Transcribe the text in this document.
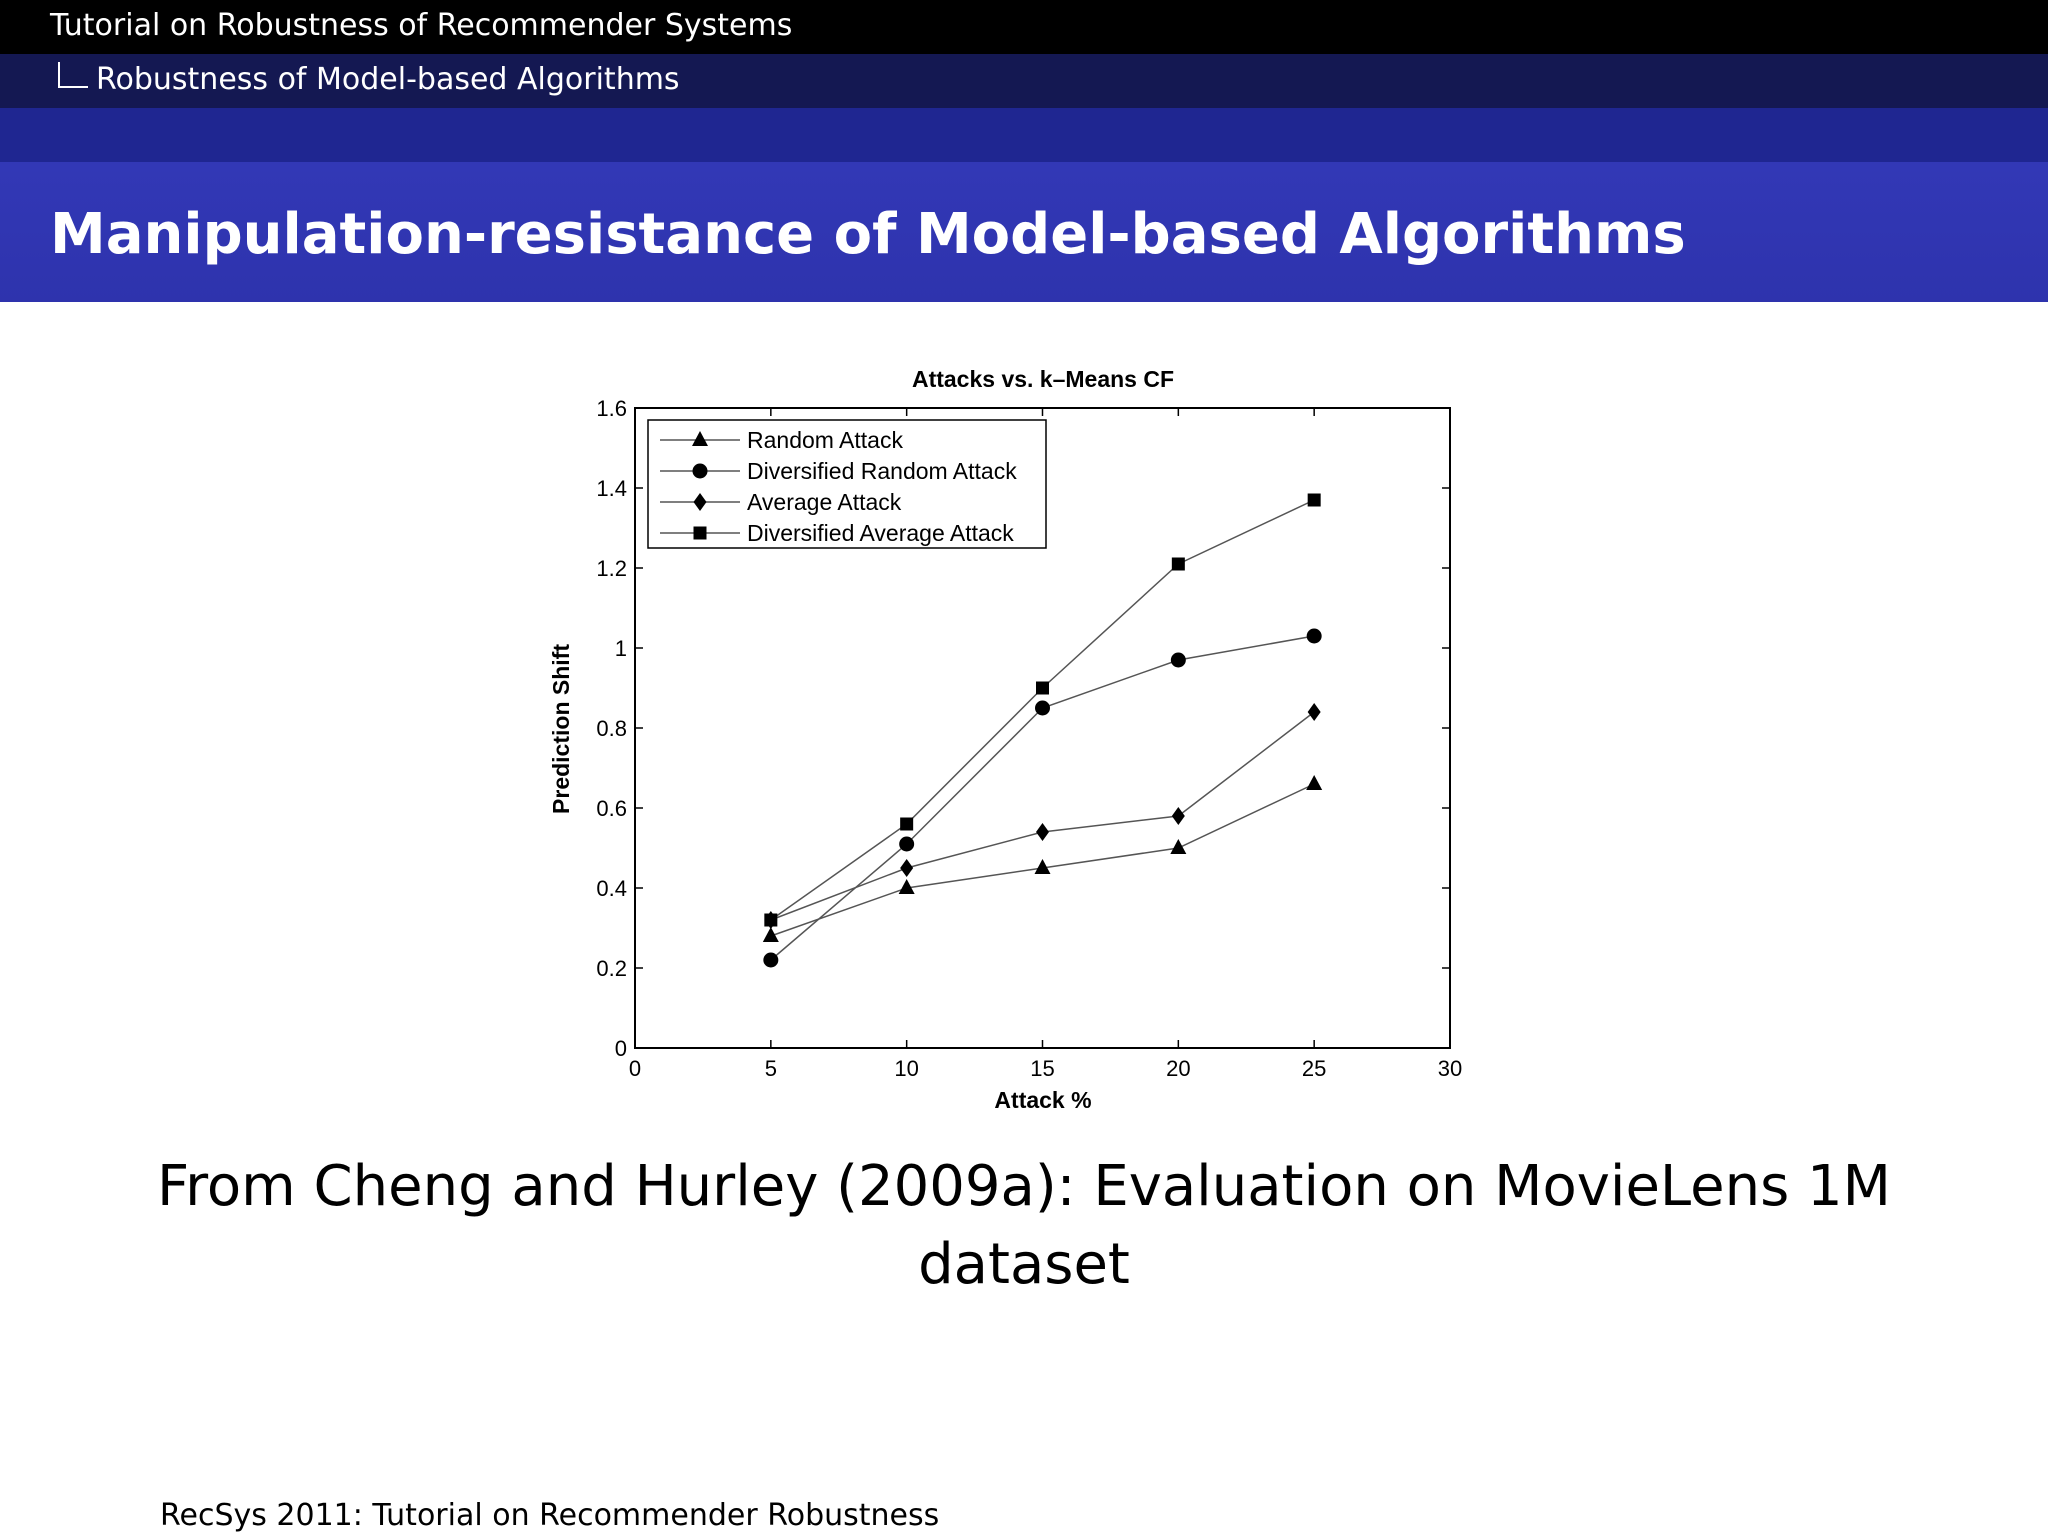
Tutorial on Robustness of Recommender Systems
Robustness of Model-based Algorithms
Manipulation-resistance of Model-based Algorithms
Attacks vs. k–Means CF
Attack %
Prediction Shift
0	5	10	15	20	25	30
0
0.2
0.4
0.6
0.8
1
1.2
1.4
1.6
Random Attack
Diversified Random Attack
Average Attack
Diversified Average Attack
From Cheng and Hurley (2009a): Evaluation on MovieLens 1M dataset
RecSys 2011: Tutorial on Recommender Robustness
